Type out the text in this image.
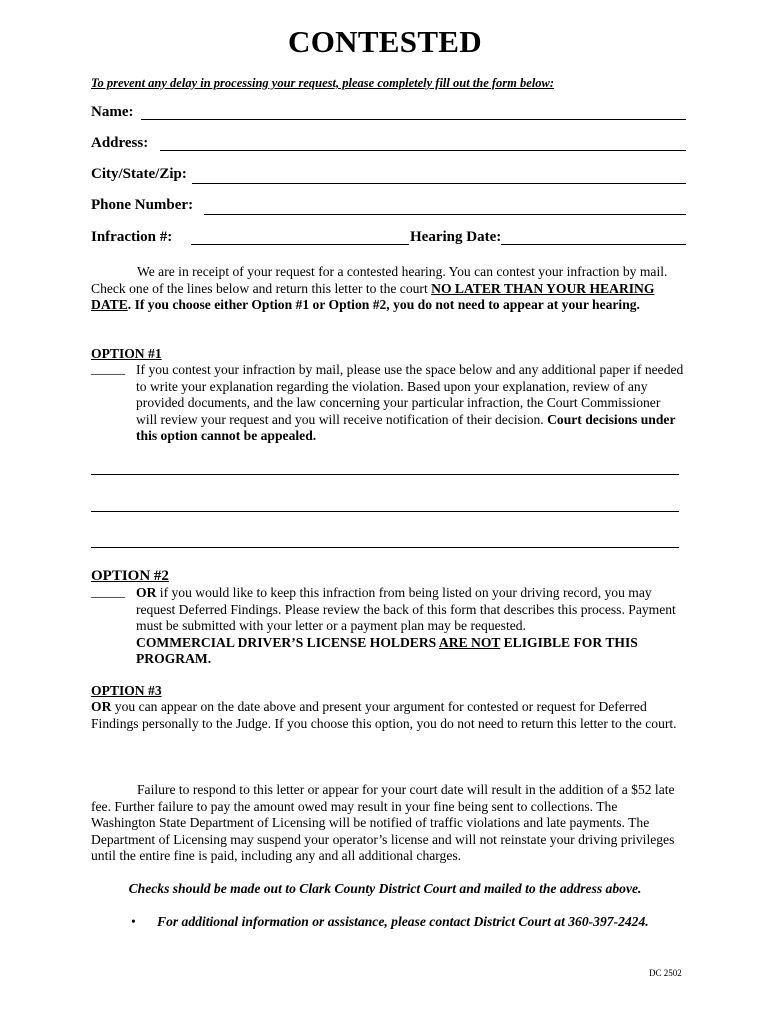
CONTESTED
To prevent any delay in processing your request, please completely fill out the form below:
Name:
Address:
City/State/Zip:
Phone Number:
Infraction #:	Hearing Date:
We are in receipt of your request for a contested hearing. You can contest your infraction by mail. Check one of the lines below and return this letter to the court NO LATER THAN YOUR HEARING DATE. If you choose either Option #1 or Option #2, you do not need to appear at your hearing.
OPTION #1
_____ If you contest your infraction by mail, please use the space below and any additional paper if needed to write your explanation regarding the violation. Based upon your explanation, review of any provided documents, and the law concerning your particular infraction, the Court Commissioner will review your request and you will receive notification of their decision. Court decisions under this option cannot be appealed.
OPTION #2
_____ OR if you would like to keep this infraction from being listed on your driving record, you may request Deferred Findings. Please review the back of this form that describes this process. Payment must be submitted with your letter or a payment plan may be requested.
COMMERCIAL DRIVER’S LICENSE HOLDERS ARE NOT ELIGIBLE FOR THIS PROGRAM.
OPTION #3
OR you can appear on the date above and present your argument for contested or request for Deferred Findings personally to the Judge. If you choose this option, you do not need to return this letter to the court.
Failure to respond to this letter or appear for your court date will result in the addition of a $52 late fee. Further failure to pay the amount owed may result in your fine being sent to collections. The Washington State Department of Licensing will be notified of traffic violations and late payments. The Department of Licensing may suspend your operator’s license and will not reinstate your driving privileges until the entire fine is paid, including any and all additional charges.
Checks should be made out to Clark County District Court and mailed to the address above.
• For additional information or assistance, please contact District Court at 360-397-2424.
DC 2502
